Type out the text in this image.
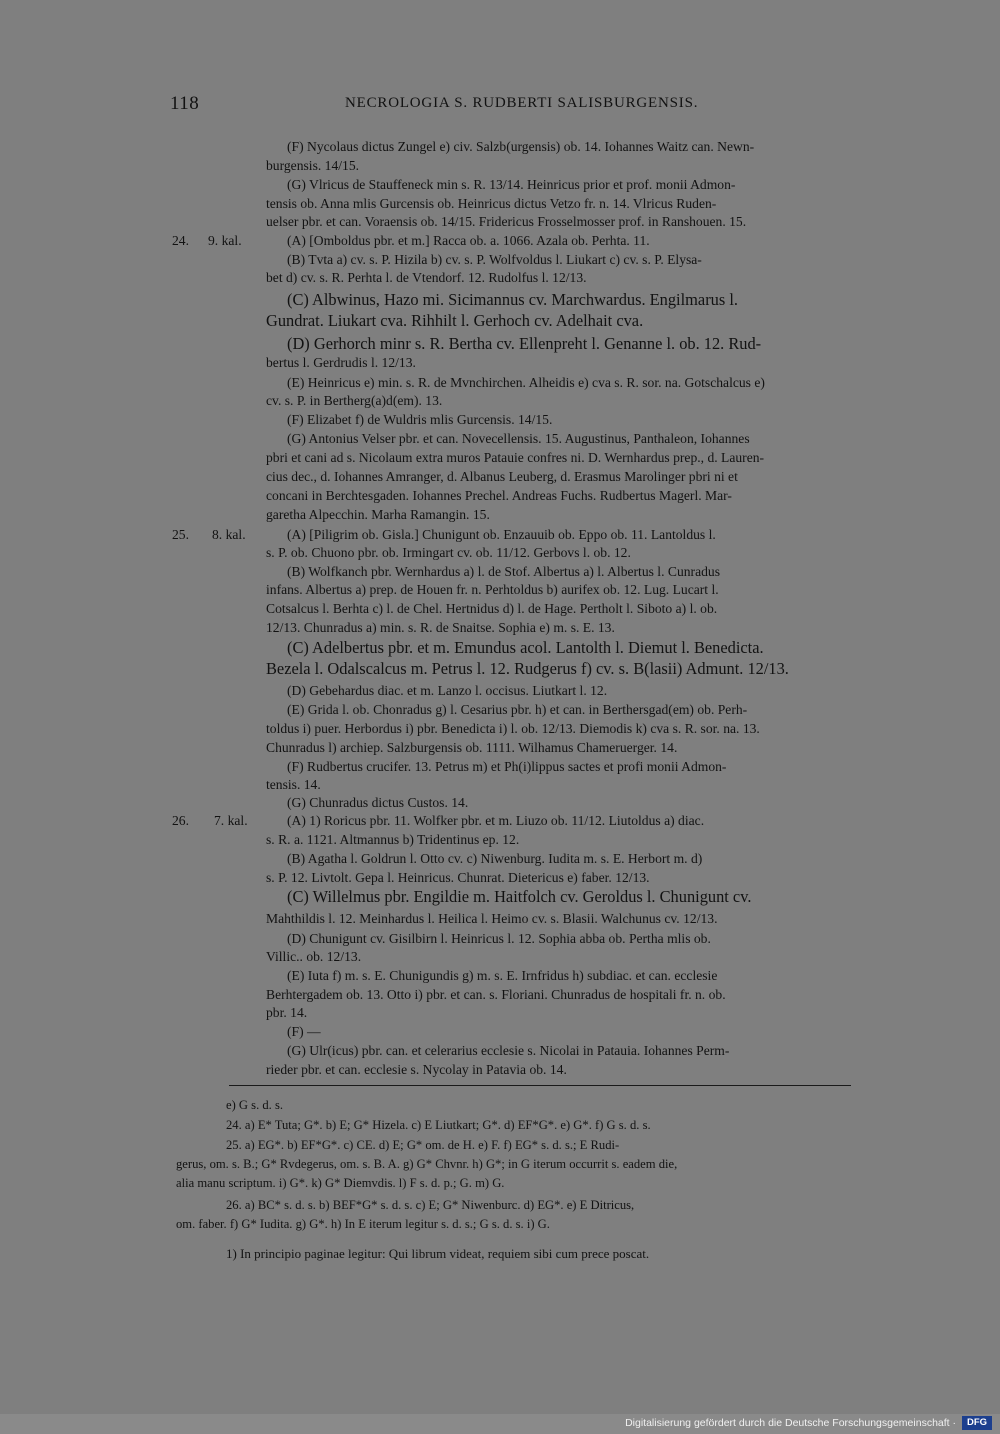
118	NECROLOGIA S. RUDBERTI SALISBURGENSIS.
24. 9. kal.
25. 8. kal.
26. 7. kal.
(F) Nycolaus dictus Zungel e) civ. Salzb(urgensis) ob. 14. Iohannes Waitz can. Newn-
burgensis. 14/15.
(G) Vlricus de Stauffeneck min s. R. 13/14. Heinricus prior et prof. monii Admon-
tensis ob. Anna mlis Gurcensis ob. Heinricus dictus Vetzo fr. n. 14. Vlricus Ruden-
uelser pbr. et can. Voraensis ob. 14/15. Fridericus Frosselmosser prof. in Ranshouen. 15.
(A) [Omboldus pbr. et m.] Racca ob. a. 1066. Azala ob. Perhta. 11.
(B) Tvta a) cv. s. P. Hizila b) cv. s. P. Wolfvoldus l. Liukart c) cv. s. P. Elysa-
bet d) cv. s. R. Perhta l. de Vtendorf. 12. Rudolfus l. 12/13.
(C) Albwinus, Hazo mi. Sicimannus cv. Marchwardus. Engilmarus l.
Gundrat. Liukart cva. Rihhilt l. Gerhoch cv. Adelhait cva.
(D) Gerhorch minr s. R. Bertha cv. Ellenpreht l. Genanne l. ob. 12. Rud-
bertus l. Gerdrudis l. 12/13.
(E) Heinricus e) min. s. R. de Mvnchirchen. Alheidis e) cva s. R. sor. na. Gotschalcus e)
cv. s. P. in Bertherg(a)d(em). 13.
(F) Elizabet f) de Wuldris mlis Gurcensis. 14/15.
(G) Antonius Velser pbr. et can. Novecellensis. 15. Augustinus, Panthaleon, Iohannes
pbri et cani ad s. Nicolaum extra muros Patauie confres ni. D. Wernhardus prep., d. Lauren-
cius dec., d. Iohannes Amranger, d. Albanus Leuberg, d. Erasmus Marolinger pbri ni et
concani in Berchtesgaden. Iohannes Prechel. Andreas Fuchs. Rudbertus Magerl. Mar-
garetha Alpecchin. Marha Ramangin. 15.
(A) [Piligrim ob. Gisla.] Chunigunt ob. Enzauuib ob. Eppo ob. 11. Lantoldus l.
s. P. ob. Chuono pbr. ob. Irmingart cv. ob. 11/12. Gerbovs l. ob. 12.
(B) Wolfkanch pbr. Wernhardus a) l. de Stof. Albertus a) l. Albertus l. Cunradus
infans. Albertus a) prep. de Houen fr. n. Perhtoldus b) aurifex ob. 12. Lug. Lucart l.
Cotsalcus l. Berhta c) l. de Chel. Hertnidus d) l. de Hage. Pertholt l. Siboto a) l. ob.
12/13. Chunradus a) min. s. R. de Snaitse. Sophia e) m. s. E. 13.
(C) Adelbertus pbr. et m. Emundus acol. Lantolth l. Diemut l. Benedicta.
Bezela l. Odalscalcus m. Petrus l. 12. Rudgerus f) cv. s. B(lasii) Admunt. 12/13.
(D) Gebehardus diac. et m. Lanzo l. occisus. Liutkart l. 12.
(E) Grida l. ob. Chonradus g) l. Cesarius pbr. h) et can. in Berthersgad(em) ob. Perh-
toldus i) puer. Herbordus i) pbr. Benedicta i) l. ob. 12/13. Diemodis k) cva s. R. sor. na. 13.
Chunradus l) archiep. Salzburgensis ob. 1111. Wilhamus Chameruerger. 14.
(F) Rudbertus crucifer. 13. Petrus m) et Ph(i)lippus sactes et profi monii Admon-
tensis. 14.
(G) Chunradus dictus Custos. 14.
(A) 1) Roricus pbr. 11. Wolfker pbr. et m. Liuzo ob. 11/12. Liutoldus a) diac.
s. R. a. 1121. Altmannus b) Tridentinus ep. 12.
(B) Agatha l. Goldrun l. Otto cv. c) Niwenburg. Iudita m. s. E. Herbort m. d)
s. P. 12. Livtolt. Gepa l. Heinricus. Chunrat. Dietericus e) faber. 12/13.
(C) Willelmus pbr. Engildie m. Haitfolch cv. Geroldus l. Chunigunt cv.
Mahthildis l. 12. Meinhardus l. Heilica l. Heimo cv. s. Blasii. Walchunus cv. 12/13.
(D) Chunigunt cv. Gisilbirn l. Heinricus l. 12. Sophia abba ob. Pertha mlis ob.
Villic.. ob. 12/13.
(E) Iuta f) m. s. E. Chunigundis g) m. s. E. Irnfridus h) subdiac. et can. ecclesie
Berhtergadem ob. 13. Otto i) pbr. et can. s. Floriani. Chunradus de hospitali fr. n. ob.
pbr. 14.
(F) —
(G) Ulr(icus) pbr. can. et celerarius ecclesie s. Nicolai in Patauia. Iohannes Perm-
rieder pbr. et can. ecclesie s. Nycolay in Patavia ob. 14.
e) G s. d. s.
24. a) E* Tuta; G*. b) E; G* Hizela. c) E Liutkart; G*. d) EF*G*. e) G*. f) G s. d. s.
25. a) EG*. b) EF*G*. c) CE. d) E; G* om. de H. e) F. f) EG* s. d. s.; E Rudi-
gerus, om. s. B.; G* Rvdegerus, om. s. B. A. g) G* Chvnr. h) G*; in G iterum occurrit s. eadem die,
alia manu scriptum. i) G*. k) G* Diemvdis. l) F s. d. p.; G. m) G.
26. a) BC* s. d. s. b) BEF*G* s. d. s. c) E; G* Niwenburc. d) EG*. e) E Ditricus,
om. faber. f) G* Iudita. g) G*. h) In E iterum legitur s. d. s.; G s. d. s. i) G.
1) In principio paginae legitur: Qui librum videat, requiem sibi cum prece poscat.
Digitalisierung gefördert durch die Deutsche Forschungsgemeinschaft ·	DFG
